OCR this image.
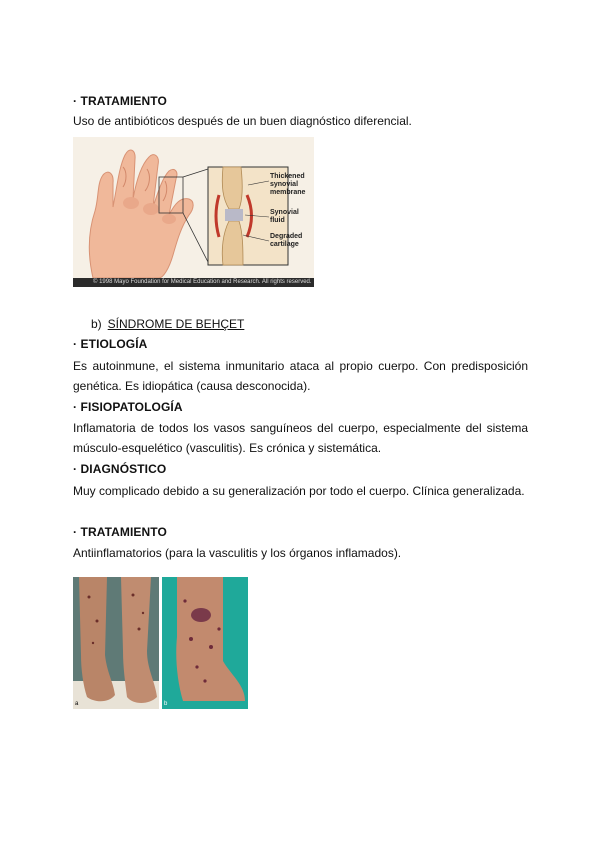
· TRATAMIENTO
Uso de antibióticos después de un buen diagnóstico diferencial.
Thickened synovial membrane
Synovial fluid
Degraded cartilage
© 1998 Mayo Foundation for Medical Education and Research. All rights reserved.
b) SÍNDROME DE BEHÇET
· ETIOLOGÍA
Es autoinmune, el sistema inmunitario ataca al propio cuerpo. Con predisposición genética. Es idiopática (causa desconocida).
· FISIOPATOLOGÍA
Inflamatoria de todos los vasos sanguíneos del cuerpo, especialmente del sistema músculo-esquelético (vasculitis). Es crónica y sistemática.
· DIAGNÓSTICO
Muy complicado debido a su generalización por todo el cuerpo. Clínica generalizada.
· TRATAMIENTO
Antiinflamatorios (para la vasculitis y los órganos inflamados).
a	b
